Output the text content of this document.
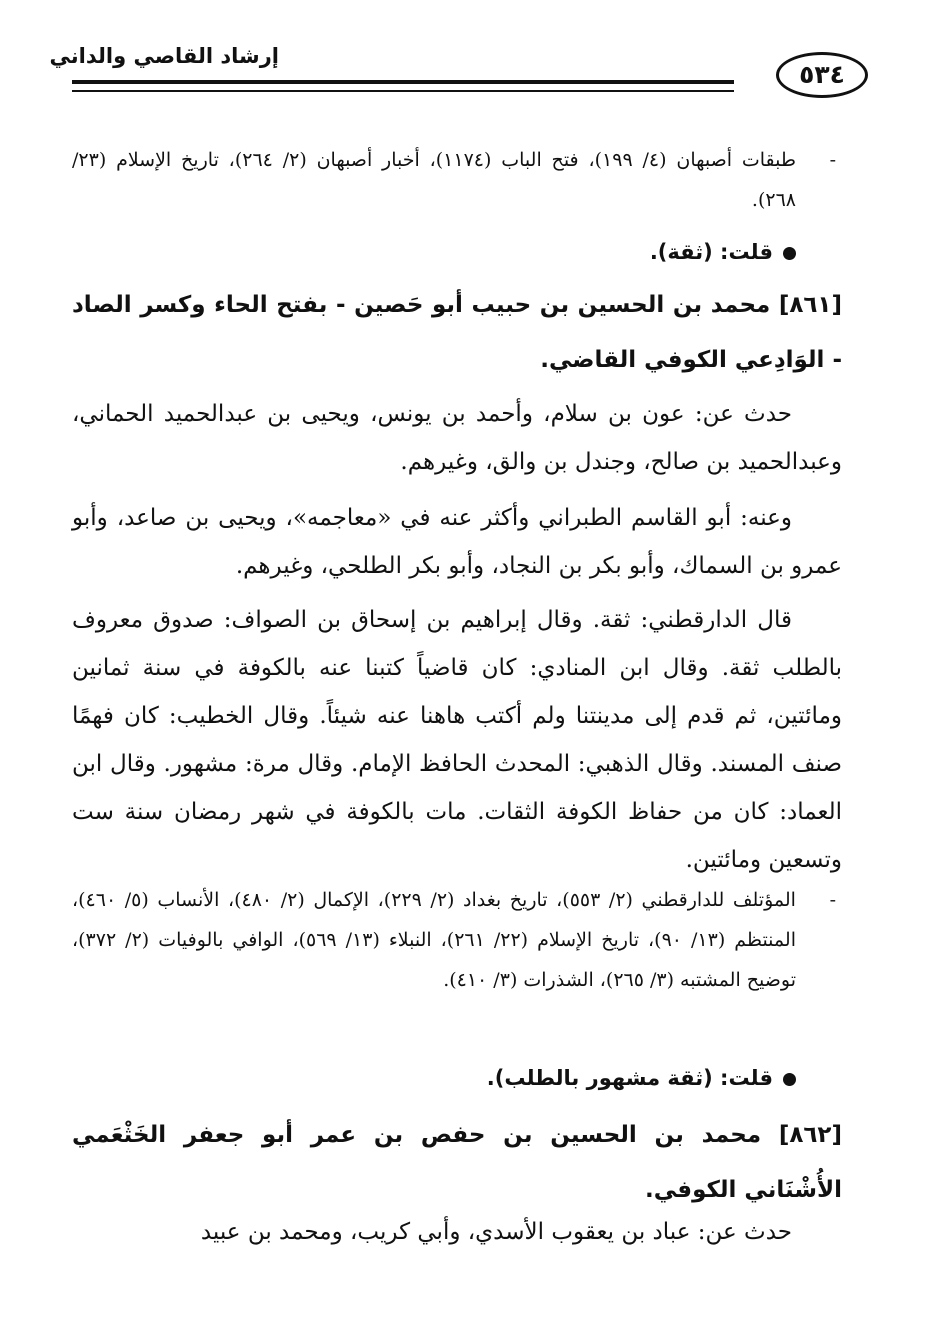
إرشاد القاصي والداني
٥٣٤
-
طبقات أصبهان (٤/ ١٩٩)، فتح الباب (١١٧٤)، أخبار أصبهان (٢/ ٢٦٤)، تاريخ الإسلام (٢٣/ ٢٦٨).
قلت: (ثقة).
[٨٦١] محمد بن الحسين بن حبيب أبو حَصين - بفتح الحاء وكسر الصاد - الوَادِعي الكوفي القاضي.
حدث عن: عون بن سلام، وأحمد بن يونس، ويحيى بن عبدالحميد الحماني، وعبدالحميد بن صالح، وجندل بن والق، وغيرهم.
وعنه: أبو القاسم الطبراني وأكثر عنه في «معاجمه»، ويحيى بن صاعد، وأبو عمرو بن السماك، وأبو بكر بن النجاد، وأبو بكر الطلحي، وغيرهم.
قال الدارقطني: ثقة. وقال إبراهيم بن إسحاق بن الصواف: صدوق معروف بالطلب ثقة. وقال ابن المنادي: كان قاضياً كتبنا عنه بالكوفة في سنة ثمانين ومائتين، ثم قدم إلى مدينتنا ولم أكتب هاهنا عنه شيئاً. وقال الخطيب: كان فهمًا صنف المسند. وقال الذهبي: المحدث الحافظ الإمام. وقال مرة: مشهور. وقال ابن العماد: كان من حفاظ الكوفة الثقات. مات بالكوفة في شهر رمضان سنة ست وتسعين ومائتين.
-
المؤتلف للدارقطني (٢/ ٥٥٣)، تاريخ بغداد (٢/ ٢٢٩)، الإكمال (٢/ ٤٨٠)، الأنساب (٥/ ٤٦٠)، المنتظم (١٣/ ٩٠)، تاريخ الإسلام (٢٢/ ٢٦١)، النبلاء (١٣/ ٥٦٩)، الوافي بالوفيات (٢/ ٣٧٢)، توضيح المشتبه (٣/ ٢٦٥)، الشذرات (٣/ ٤١٠).
قلت: (ثقة مشهور بالطلب).
[٨٦٢] محمد بن الحسين بن حفص بن عمر أبو جعفر الخَثْعَمي الأُشْنَاني الكوفي.
حدث عن: عباد بن يعقوب الأسدي، وأبي كريب، ومحمد بن عبيد
